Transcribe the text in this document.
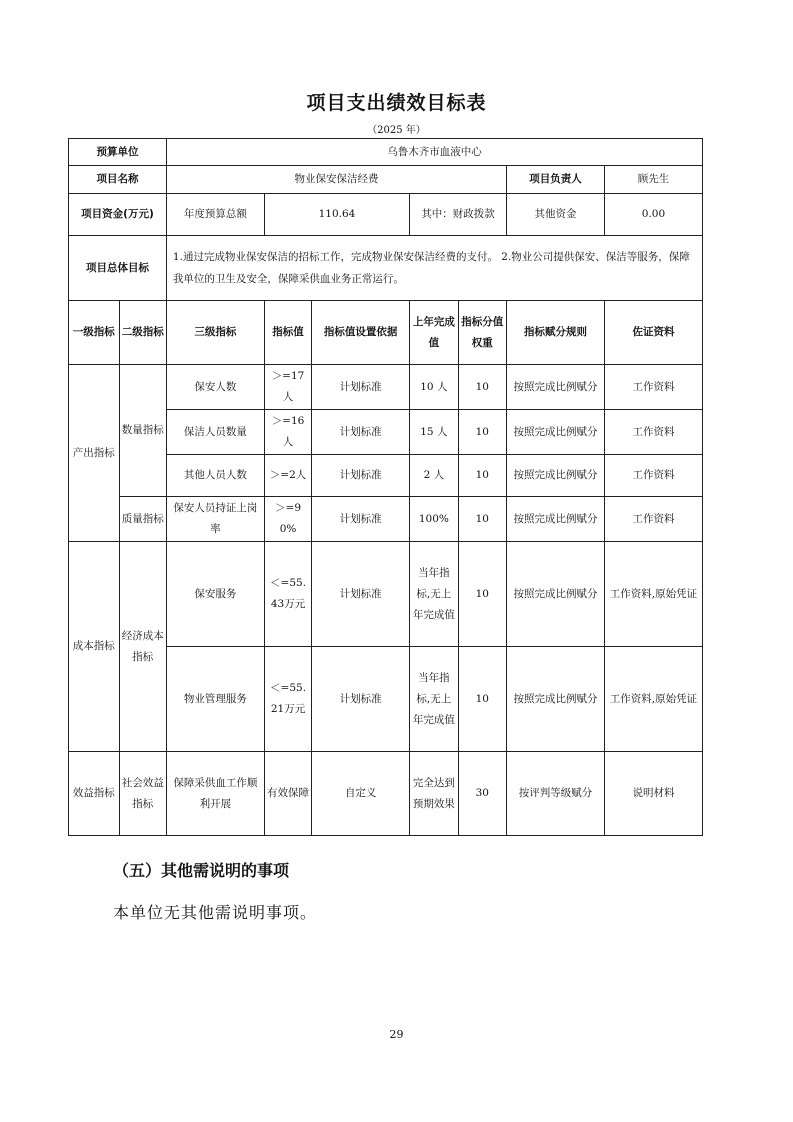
项目支出绩效目标表
（2025 年）
预算单位		乌鲁木齐市血液中心						
项目名称		物业保安保洁经费					项目负责人	顾先生
项目资金(万元)		年度预算总额	110.64		其中：财政拨款		其他资金	0.00
项目总体目标		1.通过完成物业保安保洁的招标工作，完成物业保安保洁经费的支付。 2.物业公司提供保安、保洁等服务，保障我单位的卫生及安全，保障采供血业务正常运行。						
一级指标	二级指标	三级指标	指标值	指标值设置依据	上年完成值	指标分值权重	指标赋分规则	佐证资料
产出指标	数量指标	保安人数	＞=17人	计划标准	10 人	10	按照完成比例赋分	工作资料
		保洁人员数量	＞=16人	计划标准	15 人	10	按照完成比例赋分	工作资料
		其他人员人数	＞=2人	计划标准	2 人	10	按照完成比例赋分	工作资料
	质量指标	保安人员持证上岗率	＞=90%	计划标准	100%	10	按照完成比例赋分	工作资料
成本指标	经济成本指标	保安服务	＜=55.43万元	计划标准	当年指标,无上年完成值	10	按照完成比例赋分	工作资料,原始凭证
		物业管理服务	＜=55.21万元	计划标准	当年指标,无上年完成值	10	按照完成比例赋分	工作资料,原始凭证
效益指标	社会效益指标	保障采供血工作顺利开展	有效保障	自定义	完全达到预期效果	30	按评判等级赋分	说明材料
（五）其他需说明的事项
本单位无其他需说明事项。
29
